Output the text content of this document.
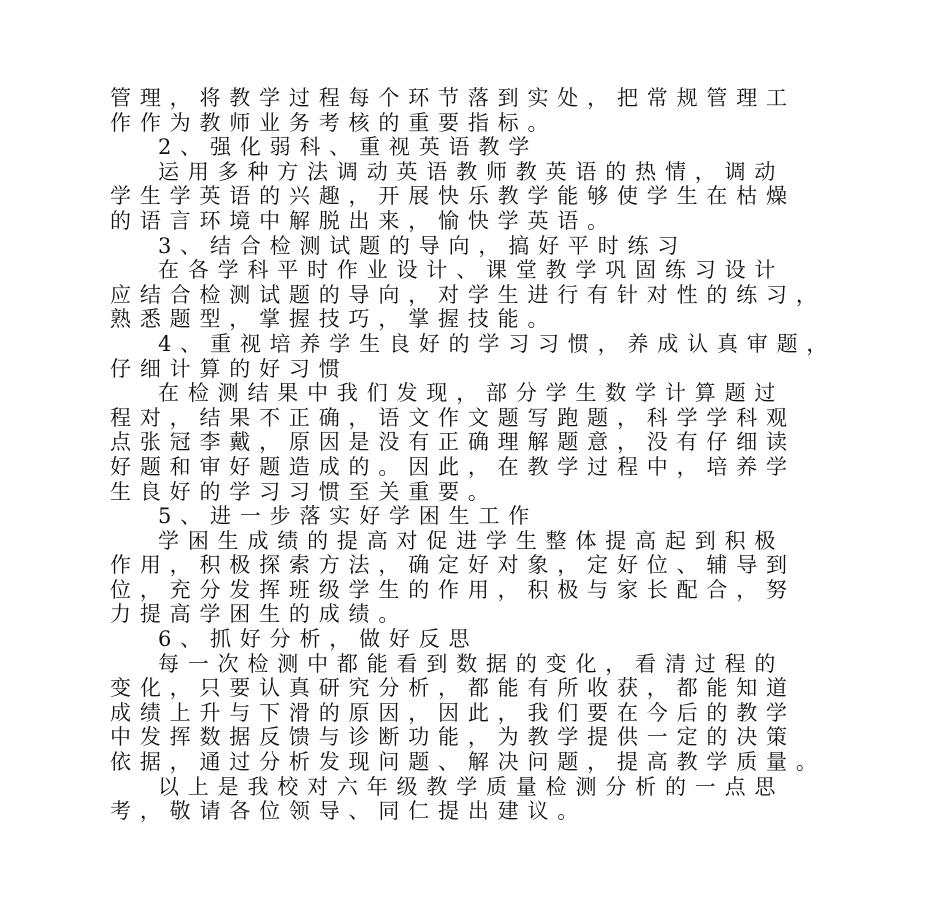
管理，将教学过程每个环节落到实处，把常规管理工
作作为教师业务考核的重要指标。
2、强化弱科、重视英语教学
运用多种方法调动英语教师教英语的热情，调动
学生学英语的兴趣，开展快乐教学能够使学生在枯燥
的语言环境中解脱出来，愉快学英语。
3、结合检测试题的导向，搞好平时练习
在各学科平时作业设计、课堂教学巩固练习设计
应结合检测试题的导向，对学生进行有针对性的练习，
熟悉题型，掌握技巧，掌握技能。
4、重视培养学生良好的学习习惯，养成认真审题，
仔细计算的好习惯
在检测结果中我们发现，部分学生数学计算题过
程对，结果不正确，语文作文题写跑题，科学学科观
点张冠李戴，原因是没有正确理解题意，没有仔细读
好题和审好题造成的。因此，在教学过程中，培养学
生良好的学习习惯至关重要。
5、进一步落实好学困生工作
学困生成绩的提高对促进学生整体提高起到积极
作用，积极探索方法，确定好对象，定好位、辅导到
位，充分发挥班级学生的作用，积极与家长配合，努
力提高学困生的成绩。
6、抓好分析，做好反思
每一次检测中都能看到数据的变化，看清过程的
变化，只要认真研究分析，都能有所收获，都能知道
成绩上升与下滑的原因，因此，我们要在今后的教学
中发挥数据反馈与诊断功能，为教学提供一定的决策
依据，通过分析发现问题、解决问题，提高教学质量。
以上是我校对六年级教学质量检测分析的一点思
考，敬请各位领导、同仁提出建议。
